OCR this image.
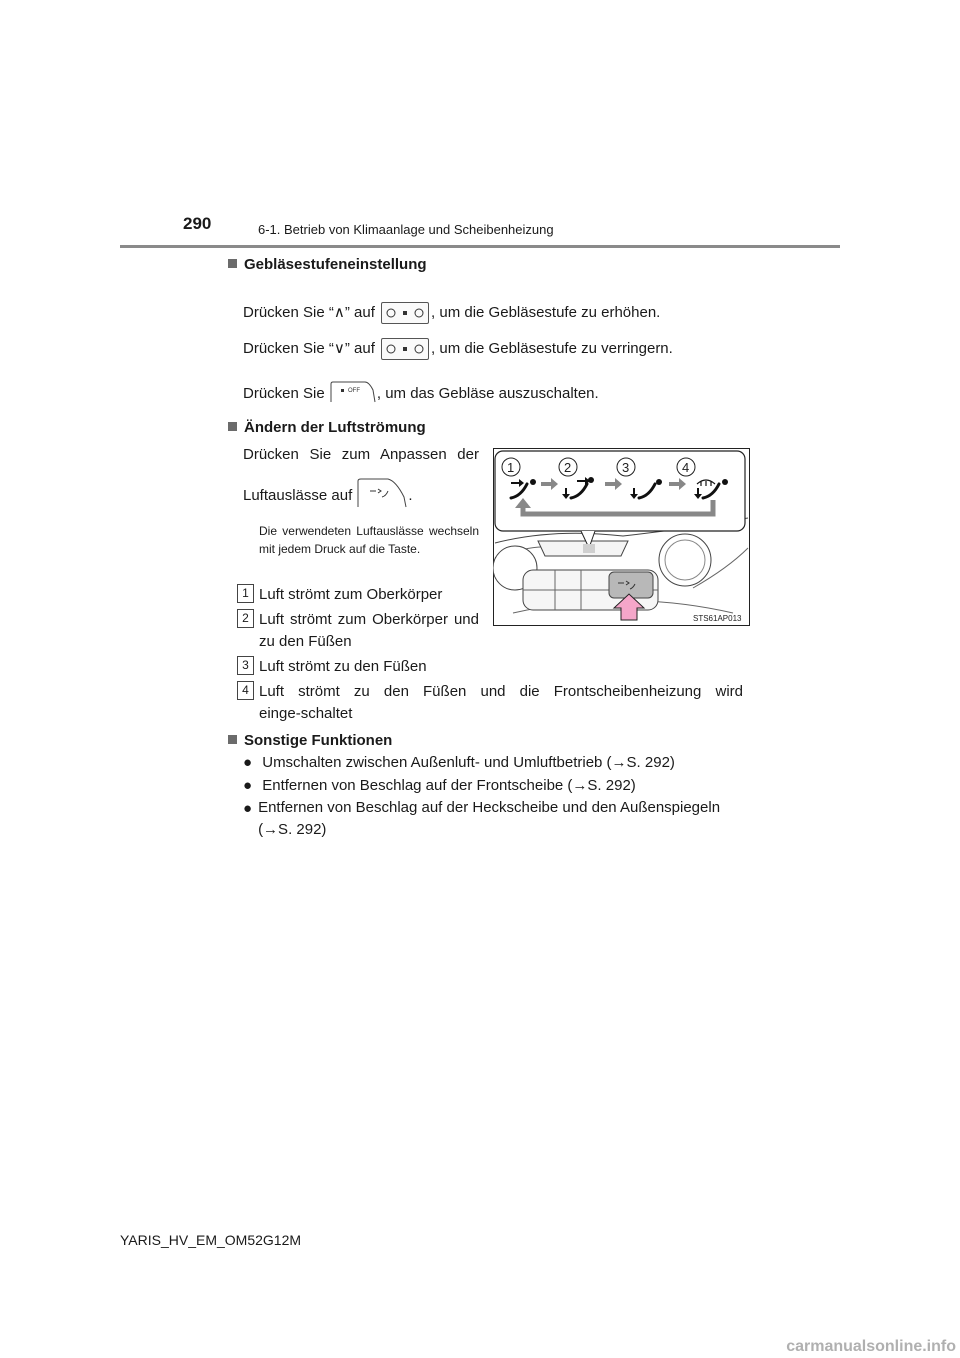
290	6-1. Betrieb von Klimaanlage und Scheibenheizung
Gebläsestufeneinstellung
Drücken Sie “∧” auf	, um die Gebläsestufe zu erhöhen.
Drücken Sie “∨” auf	, um die Gebläsestufe zu verringern.
Drücken Sie	OFF , um das Gebläse auszuschalten.
Ändern der Luftströmung
Drücken Sie zum Anpassen der
Luftauslässe auf	.
Die verwendeten Luftauslässe wechseln mit jedem Druck auf die Taste.
1 Luft strömt zum Oberkörper
2 Luft strömt zum Oberkörper und zu den Füßen
3 Luft strömt zu den Füßen
4 Luft strömt zu den Füßen und die Frontscheibenheizung wird einge-schaltet
1	2	3	4
STS61AP013
Sonstige Funktionen
● Umschalten zwischen Außenluft- und Umluftbetrieb (→S. 292)
● Entfernen von Beschlag auf der Frontscheibe (→S. 292)
● Entfernen von Beschlag auf der Heckscheibe und den Außenspiegeln (→S. 292)
YARIS_HV_EM_OM52G12M
carmanualsonline.info
